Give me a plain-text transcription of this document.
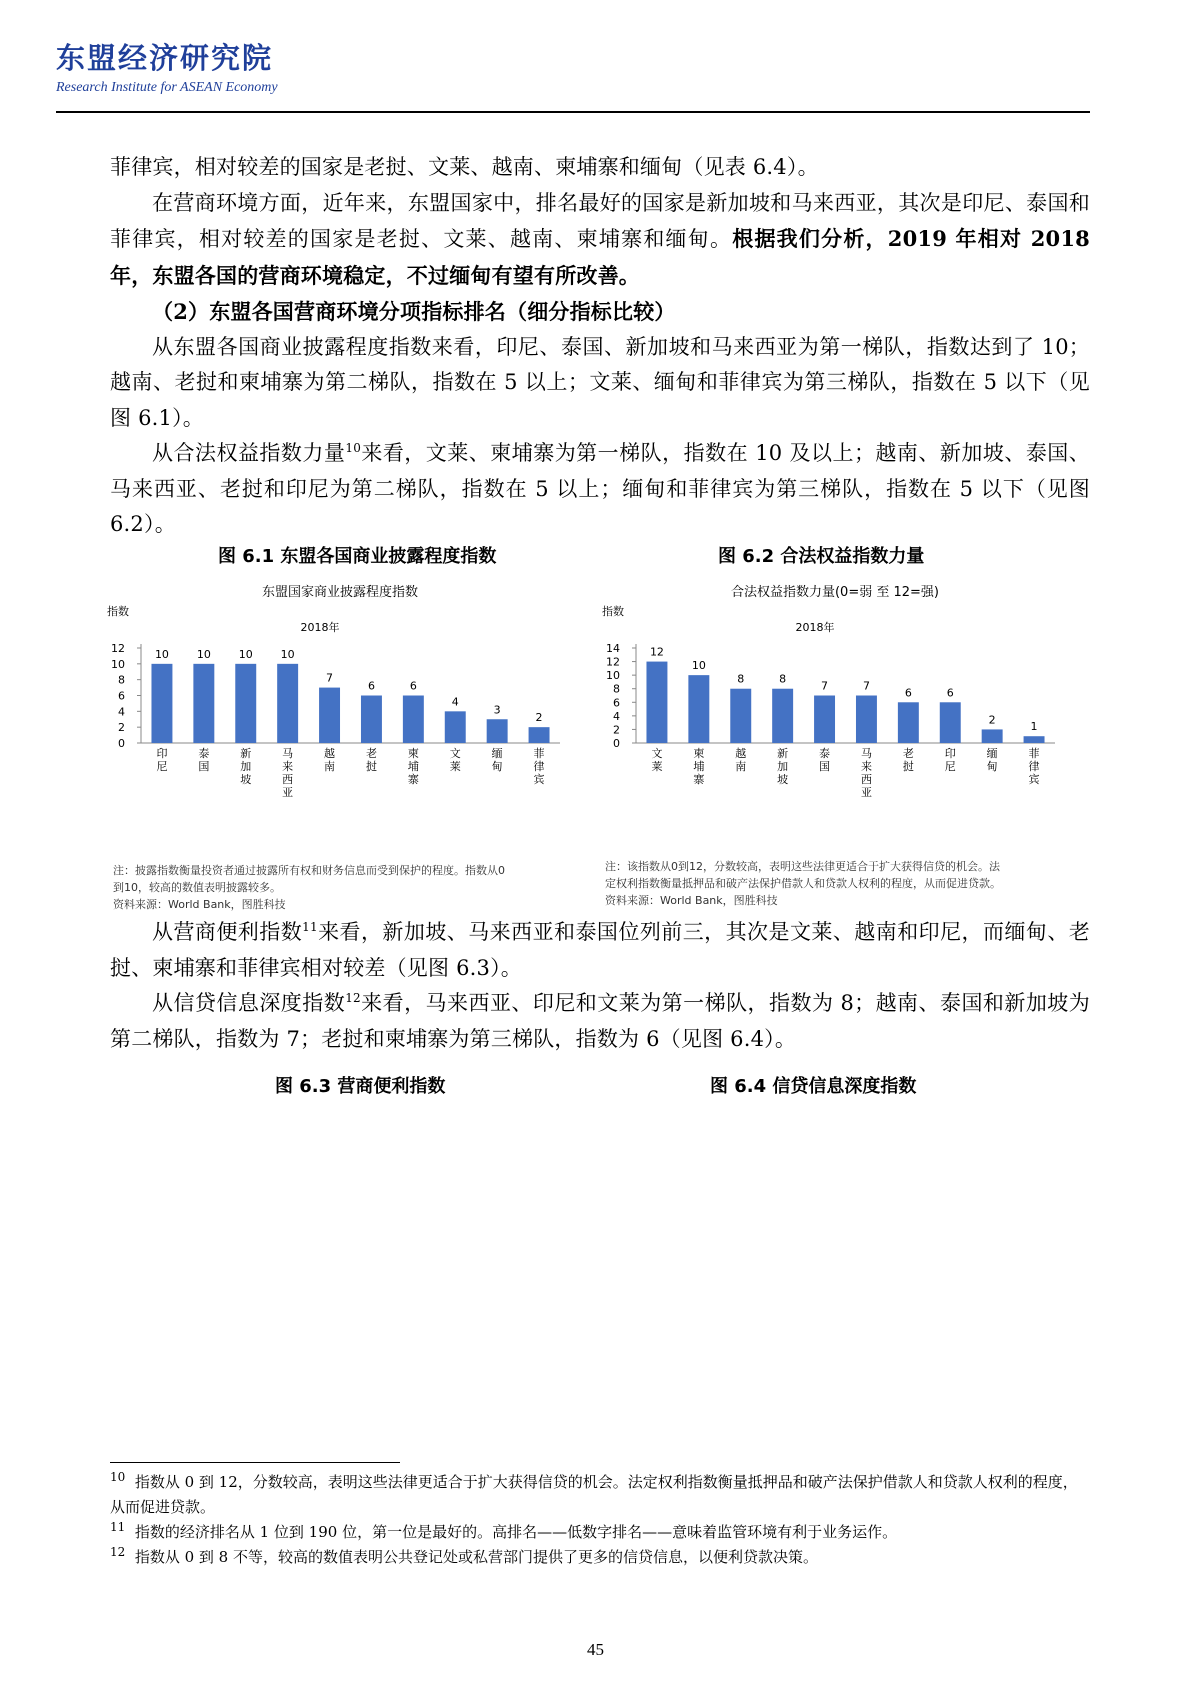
东盟经济研究院
Research Institute for ASEAN Economy

菲律宾，相对较差的国家是老挝、文莱、越南、柬埔寨和缅甸（见表 6.4）。

在营商环境方面，近年来，东盟国家中，排名最好的国家是新加坡和马来西亚，其次是印尼、泰国和菲律宾，相对较差的国家是老挝、文莱、越南、柬埔寨和缅甸。根据我们分析，2019 年相对 2018 年，东盟各国的营商环境稳定，不过缅甸有望有所改善。

（2）东盟各国营商环境分项指标排名（细分指标比较）

从东盟各国商业披露程度指数来看，印尼、泰国、新加坡和马来西亚为第一梯队，指数达到了 10；越南、老挝和柬埔寨为第二梯队，指数在 5 以上；文莱、缅甸和菲律宾为第三梯队，指数在 5 以下（见图 6.1）。

从合法权益指数力量$^{10}$来看，文莱、柬埔寨为第一梯队，指数在 10 及以上；越南、新加坡、泰国、马来西亚、老挝和印尼为第二梯队，指数在 5 以上；缅甸和菲律宾为第三梯队，指数在 5 以下（见图 6.2）。

图 6.1 东盟各国商业披露程度指数	图 6.2 合法权益指数力量
东盟国家商业披露程度指数
2018年
指数
0
2
4
6
8
10
12	10
印
尼
10
泰
国
10
新
加
坡
10
马
来
西
亚
7
越
南
6
老
挝
6
柬
埔
寨
4
文
莱
3
缅
甸
2
菲
律
宾
合法权益指数力量(0=弱 至 12=强)
2018年
指数
0
2
4
6
8
10
12
14	12
文
莱
10
柬
埔
寨
8
越
南
8
新
加
坡
7
泰
国
7
马
来
西
亚
6
老
挝
6
印
尼
2
缅
甸
1
菲
律
宾
注：披露指数衡量投资者通过披露所有权和财务信息而受到保护的程度。指数从0
到10，较高的数值表明披露较多。
资料来源：World Bank，图胜科技
注：该指数从0到12，分数较高，表明这些法律更适合于扩大获得信贷的机会。法
定权利指数衡量抵押品和破产法保护借款人和贷款人权利的程度，从而促进贷款。
资料来源：World Bank，图胜科技

从营商便利指数$^{11}$来看，新加坡、马来西亚和泰国位列前三，其次是文莱、越南和印尼，而缅甸、老挝、柬埔寨和菲律宾相对较差（见图 6.3）。

从信贷信息深度指数$^{12}$来看，马来西亚、印尼和文莱为第一梯队，指数为 8；越南、泰国和新加坡为第二梯队，指数为 7；老挝和柬埔寨为第三梯队，指数为 6（见图 6.4）。

图 6.3 营商便利指数	图 6.4 信贷信息深度指数

$^{10}$ 指数从 0 到 12，分数较高，表明这些法律更适合于扩大获得信贷的机会。法定权利指数衡量抵押品和破产法保护借款人和贷款人权利的程度，从而促进贷款。

$^{11}$ 指数的经济排名从 1 位到 190 位，第一位是最好的。高排名——低数字排名——意味着监管环境有利于业务运作。

$^{12}$ 指数从 0 到 8 不等，较高的数值表明公共登记处或私营部门提供了更多的信贷信息，以便利贷款决策。

45
